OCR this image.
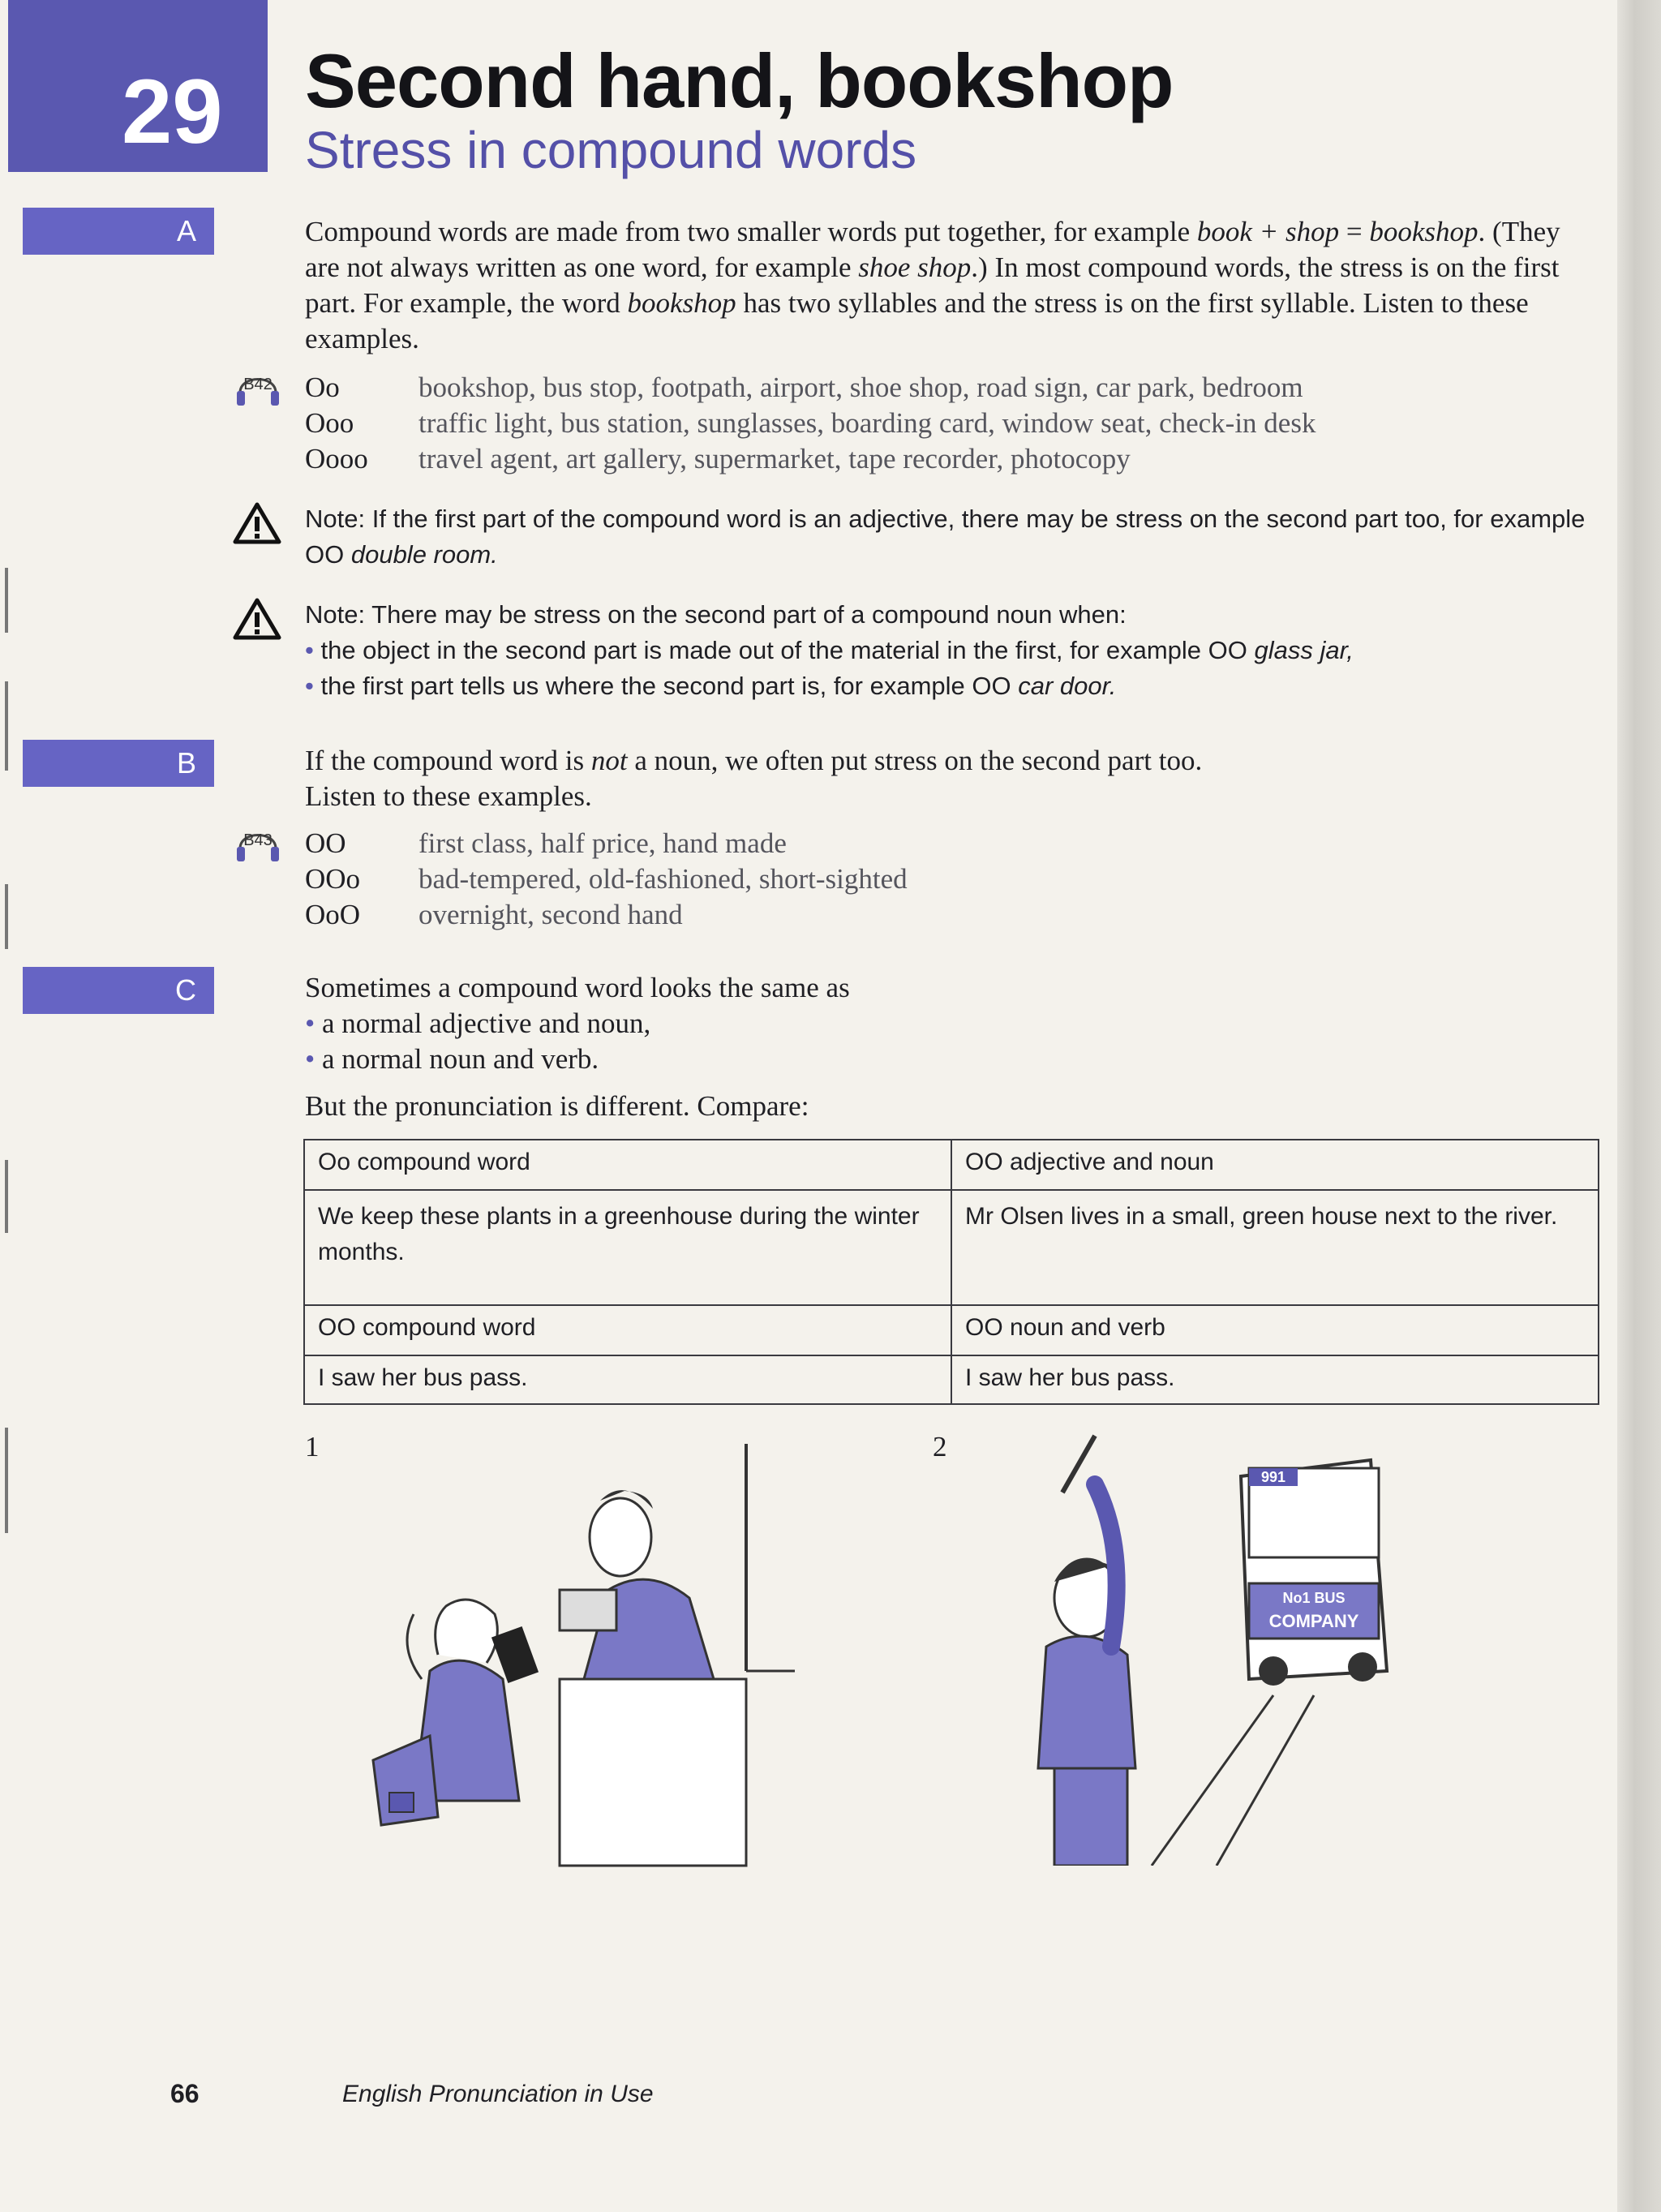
29 Second hand, bookshop
Stress in compound words
A
B
C
Compound words are made from two smaller words put together, for example book + shop = bookshop. (They are not always written as one word, for example shoe shop.) In most compound words, the stress is on the first part. For example, the word bookshop has two syllables and the stress is on the first syllable. Listen to these examples.
B42 Oo	bookshop, bus stop, footpath, airport, shoe shop, road sign, car park, bedroom
Ooo	traffic light, bus station, sunglasses, boarding card, window seat, check-in desk
Oooo	travel agent, art gallery, supermarket, tape recorder, photocopy
Note: If the first part of the compound word is an adjective, there may be stress on the second part too, for example OO double room.
Note: There may be stress on the second part of a compound noun when:
• the object in the second part is made out of the material in the first, for example OO glass jar,
• the first part tells us where the second part is, for example OO car door.
If the compound word is not a noun, we often put stress on the second part too.
Listen to these examples.
B43 OO	first class, half price, hand made
OOo	bad-tempered, old-fashioned, short-sighted
OoO	overnight, second hand
Sometimes a compound word looks the same as
• a normal adjective and noun,
• a normal noun and verb.
But the pronunciation is different. Compare:
Oo compound word	OO adjective and noun
We keep these plants in a greenhouse during the winter months.	Mr Olsen lives in a small, green house next to the river.
OO compound word	OO noun and verb
I saw her bus pass.	I saw her bus pass.
1	2
991
No1 BUS
COMPANY
66	English Pronunciation in Use
